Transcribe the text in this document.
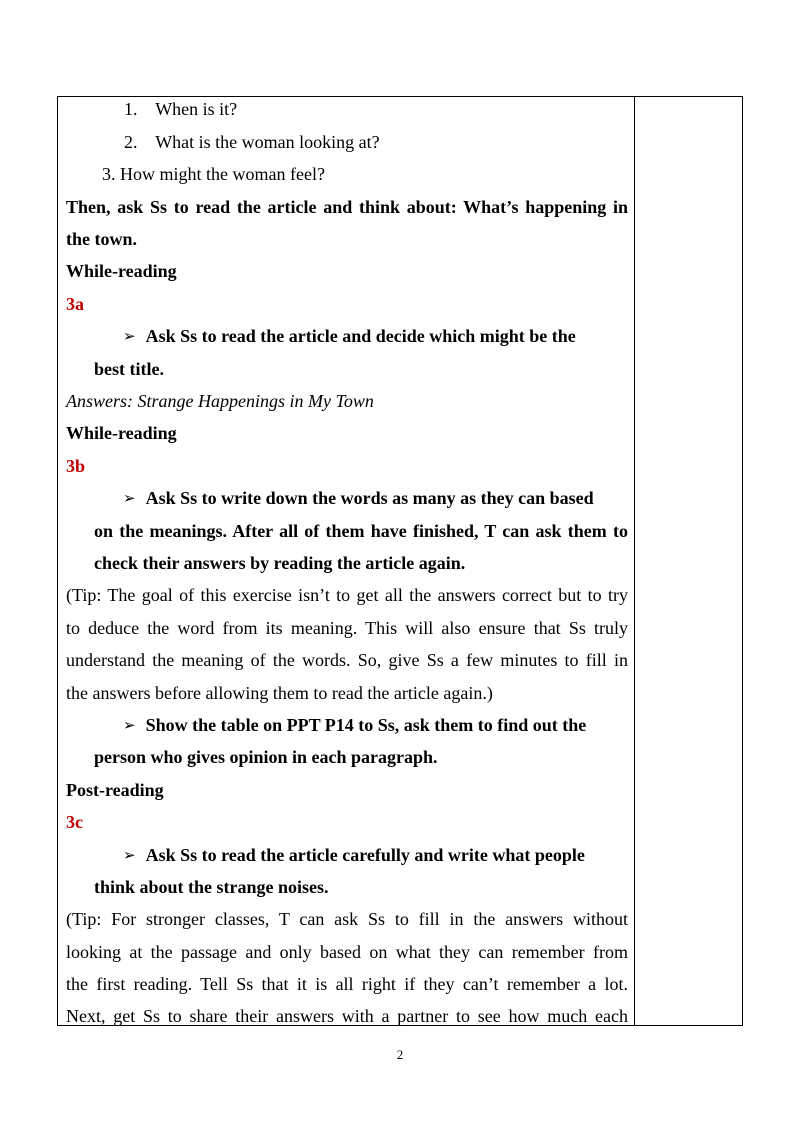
1. When is it?
2. What is the woman looking at?
3. How might the woman feel?
Then, ask Ss to read the article and think about: What’s happening in
the town.
While-reading
3a
➢ Ask Ss to read the article and decide which might be the
best title.
Answers: Strange Happenings in My Town
While-reading
3b
➢ Ask Ss to write down the words as many as they can based
on the meanings. After all of them have finished, T can ask them to
check their answers by reading the article again.
(Tip: The goal of this exercise isn’t to get all the answers correct but to try
to deduce the word from its meaning. This will also ensure that Ss truly
understand the meaning of the words. So, give Ss a few minutes to fill in
the answers before allowing them to read the article again.)
➢ Show the table on PPT P14 to Ss, ask them to find out the
person who gives opinion in each paragraph.
Post-reading
3c
➢ Ask Ss to read the article carefully and write what people
think about the strange noises.
(Tip: For stronger classes, T can ask Ss to fill in the answers without
looking at the passage and only based on what they can remember from
the first reading. Tell Ss that it is all right if they can’t remember a lot.
Next, get Ss to share their answers with a partner to see how much each
2
